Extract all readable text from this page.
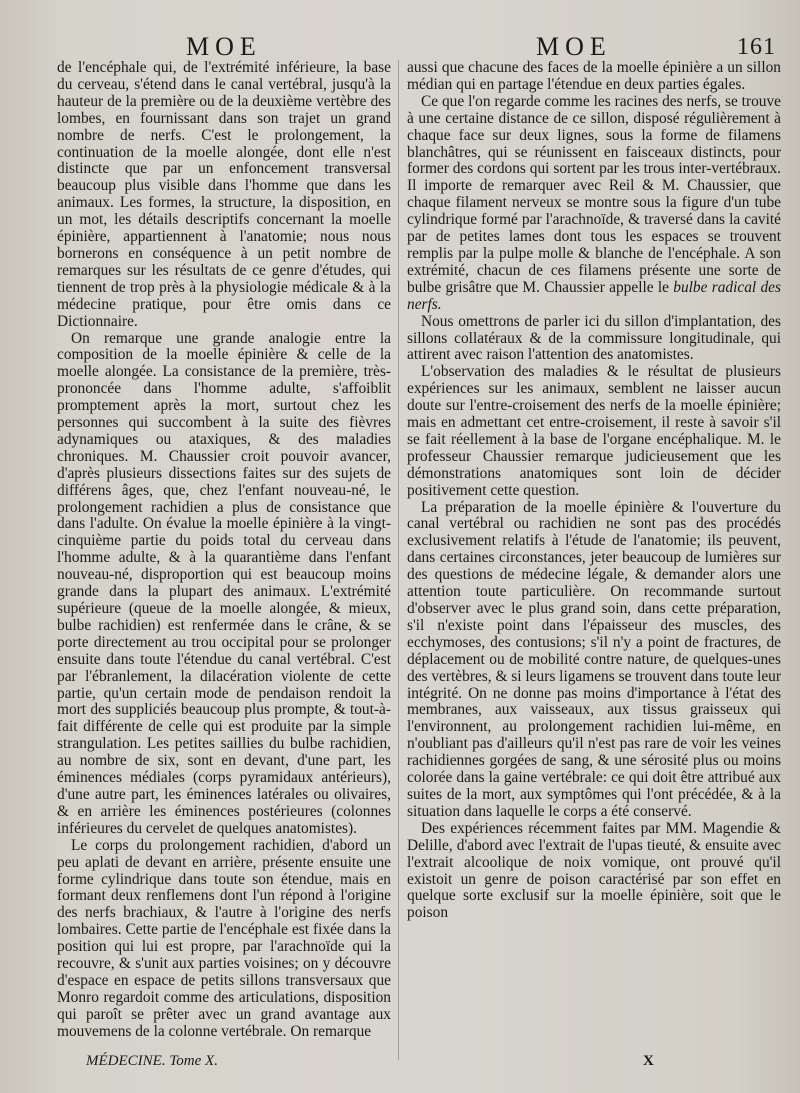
MOE	MOE	161

de l'encéphale qui, de l'extrémité inférieure, la base du cerveau, s'étend dans le canal vertébral, jusqu'à la hauteur de la première ou de la deuxième vertèbre des lombes, en fournissant dans son trajet un grand nombre de nerfs. C'est le prolongement, la continuation de la moelle alongée, dont elle n'est distincte que par un enfoncement transversal beaucoup plus visible dans l'homme que dans les animaux. Les formes, la structure, la disposition, en un mot, les détails descriptifs concernant la moelle épinière, appartiennent à l'anatomie; nous nous bornerons en conséquence à un petit nombre de remarques sur les résultats de ce genre d'études, qui tiennent de trop près à la physiologie médicale & à la médecine pratique, pour être omis dans ce Dictionnaire.

On remarque une grande analogie entre la composition de la moelle épinière & celle de la moelle alongée. La consistance de la première, très-prononcée dans l'homme adulte, s'affoiblit promptement après la mort, surtout chez les personnes qui succombent à la suite des fièvres adynamiques ou ataxiques, & des maladies chroniques. M. Chaussier croit pouvoir avancer, d'après plusieurs dissections faites sur des sujets de différens âges, que, chez l'enfant nouveau-né, le prolongement rachidien a plus de consistance que dans l'adulte. On évalue la moelle épinière à la vingt-cinquième partie du poids total du cerveau dans l'homme adulte, & à la quarantième dans l'enfant nouveau-né, disproportion qui est beaucoup moins grande dans la plupart des animaux. L'extrémité supérieure (queue de la moelle alongée, & mieux, bulbe rachidien) est renfermée dans le crâne, & se porte directement au trou occipital pour se prolonger ensuite dans toute l'étendue du canal vertébral. C'est par l'ébranlement, la dilacération violente de cette partie, qu'un certain mode de pendaison rendoit la mort des suppliciés beaucoup plus prompte, & tout-à-fait différente de celle qui est produite par la simple strangulation. Les petites saillies du bulbe rachidien, au nombre de six, sont en devant, d'une part, les éminences médiales (corps pyramidaux antérieurs), d'une autre part, les éminences latérales ou olivaires, & en arrière les éminences postérieures (colonnes inférieures du cervelet de quelques anatomistes).

Le corps du prolongement rachidien, d'abord un peu aplati de devant en arrière, présente ensuite une forme cylindrique dans toute son étendue, mais en formant deux renflemens dont l'un répond à l'origine des nerfs brachiaux, & l'autre à l'origine des nerfs lombaires. Cette partie de l'encéphale est fixée dans la position qui lui est propre, par l'arachnoïde qui la recouvre, & s'unit aux parties voisines; on y découvre d'espace en espace de petits sillons transversaux que Monro regardoit comme des articulations, disposition qui paroît se prêter avec un grand avantage aux mouvemens de la colonne vertébrale. On remarque

aussi que chacune des faces de la moelle épinière a un sillon médian qui en partage l'étendue en deux parties égales.

Ce que l'on regarde comme les racines des nerfs, se trouve à une certaine distance de ce sillon, disposé régulièrement à chaque face sur deux lignes, sous la forme de filamens blanchâtres, qui se réunissent en faisceaux distincts, pour former des cordons qui sortent par les trous inter-vertébraux. Il importe de remarquer avec Reil & M. Chaussier, que chaque filament nerveux se montre sous la figure d'un tube cylindrique formé par l'arachnoïde, & traversé dans la cavité par de petites lames dont tous les espaces se trouvent remplis par la pulpe molle & blanche de l'encéphale. A son extrémité, chacun de ces filamens présente une sorte de bulbe grisâtre que M. Chaussier appelle le bulbe radical des nerfs.

Nous omettrons de parler ici du sillon d'implantation, des sillons collatéraux & de la commissure longitudinale, qui attirent avec raison l'attention des anatomistes.

L'observation des maladies & le résultat de plusieurs expériences sur les animaux, semblent ne laisser aucun doute sur l'entre-croisement des nerfs de la moelle épinière; mais en admettant cet entre-croisement, il reste à savoir s'il se fait réellement à la base de l'organe encéphalique. M. le professeur Chaussier remarque judicieusement que les démonstrations anatomiques sont loin de décider positivement cette question.

La préparation de la moelle épinière & l'ouverture du canal vertébral ou rachidien ne sont pas des procédés exclusivement relatifs à l'étude de l'anatomie; ils peuvent, dans certaines circonstances, jeter beaucoup de lumières sur des questions de médecine légale, & demander alors une attention toute particulière. On recommande surtout d'observer avec le plus grand soin, dans cette préparation, s'il n'existe point dans l'épaisseur des muscles, des ecchymoses, des contusions; s'il n'y a point de fractures, de déplacement ou de mobilité contre nature, de quelques-unes des vertèbres, & si leurs ligamens se trouvent dans toute leur intégrité. On ne donne pas moins d'importance à l'état des membranes, aux vaisseaux, aux tissus graisseux qui l'environnent, au prolongement rachidien lui-même, en n'oubliant pas d'ailleurs qu'il n'est pas rare de voir les veines rachidiennes gorgées de sang, & une sérosité plus ou moins colorée dans la gaine vertébrale: ce qui doit être attribué aux suites de la mort, aux symptômes qui l'ont précédée, & à la situation dans laquelle le corps a été conservé.

Des expériences récemment faites par MM. Magendie & Delille, d'abord avec l'extrait de l'upas tieuté, & ensuite avec l'extrait alcoolique de noix vomique, ont prouvé qu'il existoit un genre de poison caractérisé par son effet en quelque sorte exclusif sur la moelle épinière, soit que le poison

MÉDECINE. Tome X.	X
